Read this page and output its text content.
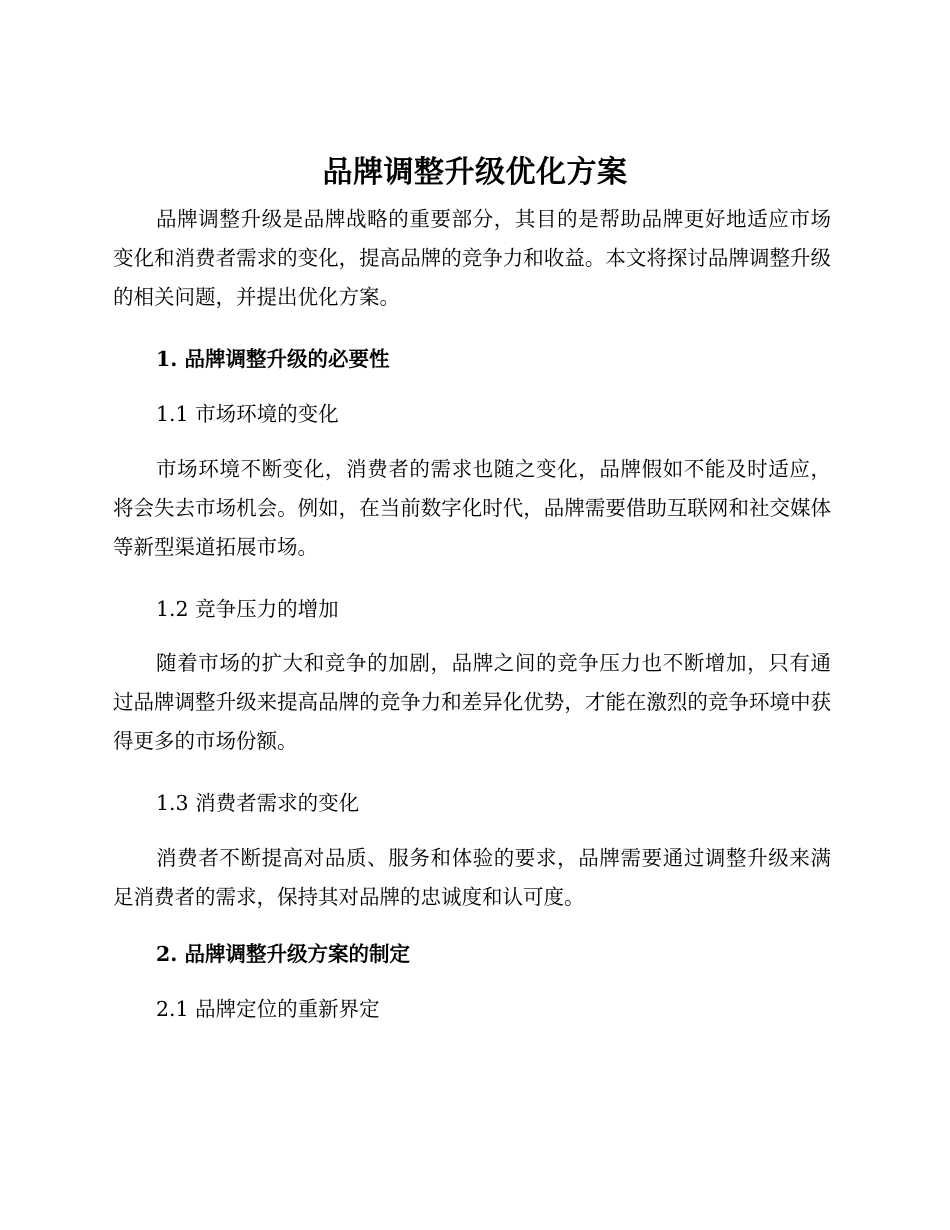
品牌调整升级优化方案

品牌调整升级是品牌战略的重要部分，其目的是帮助品牌更好地适应市场变化和消费者需求的变化，提高品牌的竞争力和收益。本文将探讨品牌调整升级的相关问题，并提出优化方案。

1. 品牌调整升级的必要性

1.1 市场环境的变化

市场环境不断变化，消费者的需求也随之变化，品牌假如不能及时适应，将会失去市场机会。例如，在当前数字化时代，品牌需要借助互联网和社交媒体等新型渠道拓展市场。

1.2 竞争压力的增加

随着市场的扩大和竞争的加剧，品牌之间的竞争压力也不断增加，只有通过品牌调整升级来提高品牌的竞争力和差异化优势，才能在激烈的竞争环境中获得更多的市场份额。

1.3 消费者需求的变化

消费者不断提高对品质、服务和体验的要求，品牌需要通过调整升级来满足消费者的需求，保持其对品牌的忠诚度和认可度。

2. 品牌调整升级方案的制定

2.1 品牌定位的重新界定
